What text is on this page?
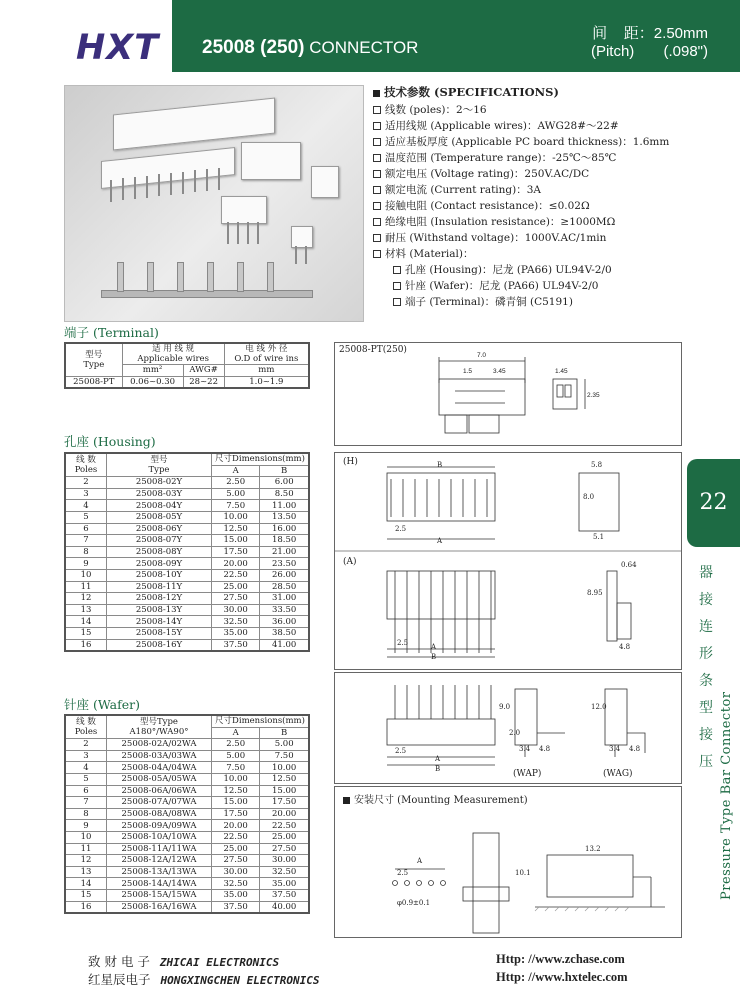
HXT 25008 (250) CONNECTOR
间    距：2.50mm
(Pitch)       (.098")
技术参数 (SPECIFICATIONS)
线数 (poles)：2～16
适用线规 (Applicable wires)：AWG28#～22#
适应基板厚度 (Applicable PC board thickness)：1.6mm
温度范围 (Temperature range)：-25℃～85℃
额定电压 (Voltage rating)：250V.AC/DC
额定电流 (Current rating)：3A
接触电阻 (Contact resistance)：≤0.02Ω
绝缘电阻 (Insulation resistance)：≥1000MΩ
耐压 (Withstand voltage)：1000V.AC/1min
材料 (Material)：
孔座 (Housing)：尼龙 (PA66) UL94V-2/0
针座 (Wafer)：尼龙 (PA66) UL94V-2/0
端子 (Terminal)：磷青铜 (C5191)
端子 (Terminal)
型号
Type	适 用 线 规
Applicable wires		电 线 外 径
O.D of wire ins
	mm²	AWG#	mm
25008-PT	0.06~0.30	28~22	1.0~1.9
孔座 (Housing)
线 数
Poles	型号
Type	尺寸Dimensions(mm)	
		A	B
2	25008-02Y	2.50	6.00
3	25008-03Y	5.00	8.50
4	25008-04Y	7.50	11.00
5	25008-05Y	10.00	13.50
6	25008-06Y	12.50	16.00
7	25008-07Y	15.00	18.50
8	25008-08Y	17.50	21.00
9	25008-09Y	20.00	23.50
10	25008-10Y	22.50	26.00
11	25008-11Y	25.00	28.50
12	25008-12Y	27.50	31.00
13	25008-13Y	30.00	33.50
14	25008-14Y	32.50	36.00
15	25008-15Y	35.00	38.50
16	25008-16Y	37.50	41.00
针座 (Wafer)
线 数
Poles	型号Type
A180°/WA90°	尺寸Dimensions(mm)	
		A	B
2	25008-02A/02WA	2.50	5.00
3	25008-03A/03WA	5.00	7.50
4	25008-04A/04WA	7.50	10.00
5	25008-05A/05WA	10.00	12.50
6	25008-06A/06WA	12.50	15.00
7	25008-07A/07WA	15.00	17.50
8	25008-08A/08WA	17.50	20.00
9	25008-09A/09WA	20.00	22.50
10	25008-10A/10WA	22.50	25.00
11	25008-11A/11WA	25.00	27.50
12	25008-12A/12WA	27.50	30.00
13	25008-13A/13WA	30.00	32.50
14	25008-14A/14WA	32.50	35.00
15	25008-15A/15WA	35.00	37.50
16	25008-16A/16WA	37.50	40.00
25008-PT(250)
7.0
1.5	3.45	1.45
2.35
(H)
(A)
B	5.8
8.0
2.5
A	5.1
0.64
8.95
2.5	A
B
4.8
9.0
2.0
2.5
A
B
3.4 4.8
12.0
3.4 4.8
(WAP)	(WAG)
安装尺寸 (Mounting Measurement)
A
2.5
φ0.9±0.1
10.1
13.2
22
器
接
连
形
条
型
接
压 Pressure Type Bar Connector
致 财 电 子 ZHICAI ELECTRONICS
红星辰电子 HONGXINGCHEN ELECTRONICS
Http: //www.zchase.com
Http: //www.hxtelec.com
